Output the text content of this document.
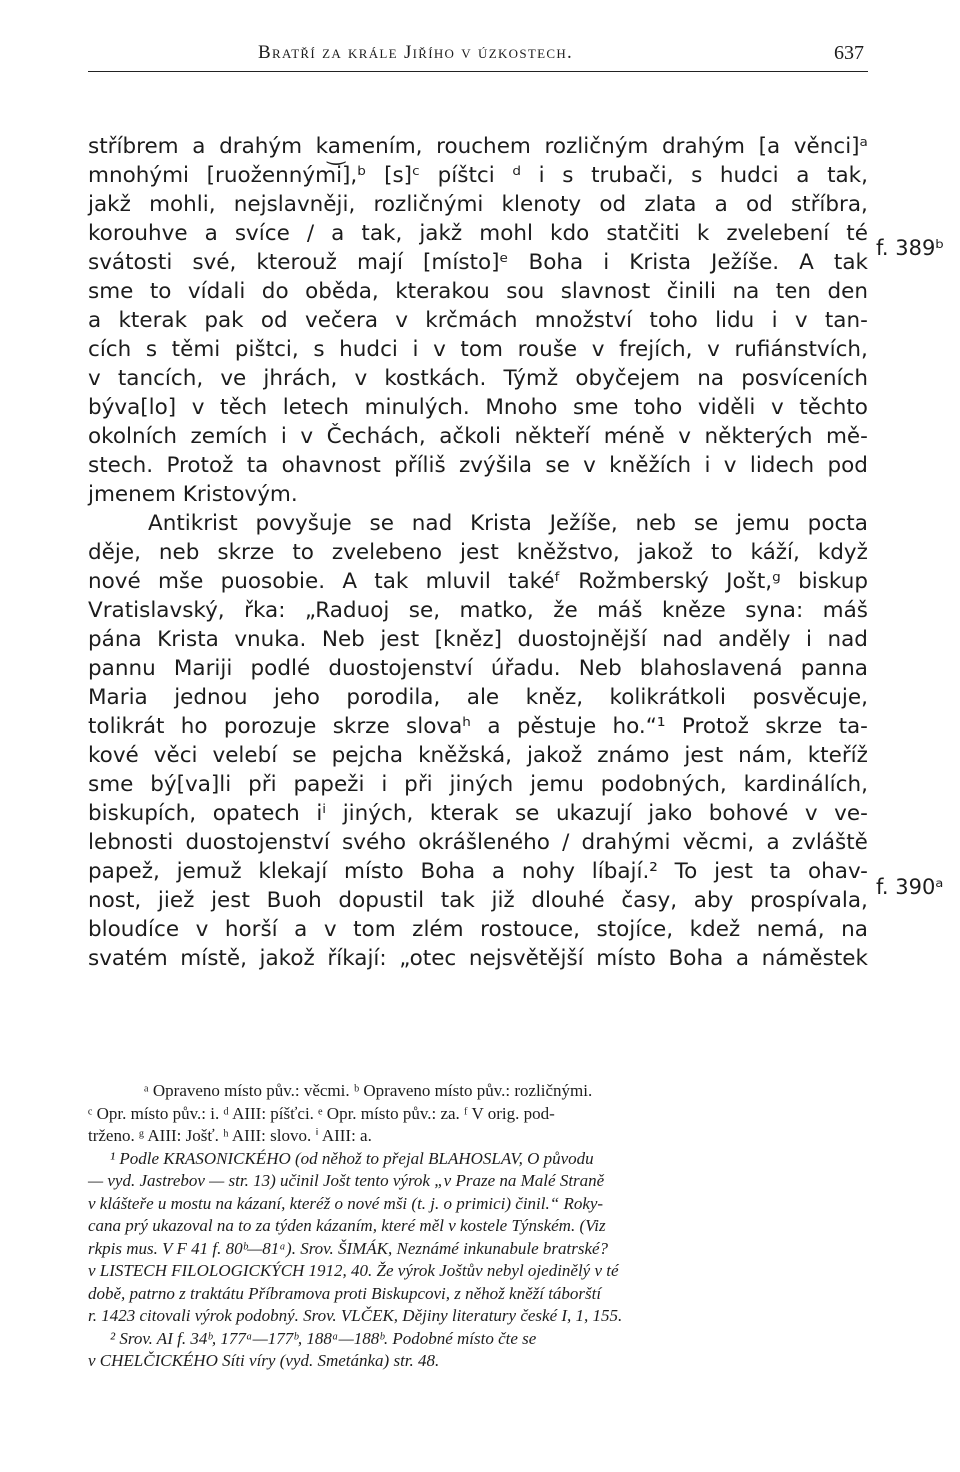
Bratří za krále Jiřího v úzkostech.	637
stříbrem a drahým kamením, rouchem rozličným drahým [a věnci]ᵃ
mnohými [ruoženným͝i],ᵇ [s]ᶜ píštci ᵈ i s trubači, s hudci a tak,
jakž mohli, nejslavněji, rozličnými klenoty od zlata a od stříbra,
korouhve a svíce / a tak, jakž mohl kdo statčiti k zvelebení té
svátosti své, kterouž mají [místo]ᵉ Boha i Krista Ježíše. A tak
sme to vídali do oběda, kterakou sou slavnost činili na ten den
a kterak pak od večera v krčmách množství toho lidu i v tan-
cích s těmi pištci, s hudci i v tom rouše v frejích, v rufiánstvích,
v tancích, ve jhrách, v kostkách. Týmž obyčejem na posvíceních
býva[lo] v těch letech minulých. Mnoho sme toho viděli v těchto
okolních zemích i v Čechách, ačkoli někteří méně v některých mě-
stech. Protož ta ohavnost příliš zvýšila se v kněžích i v lidech pod
jmenem Kristovým.
Antikrist povyšuje se nad Krista Ježíše, neb se jemu pocta
děje, neb skrze to zvelebeno jest kněžstvo, jakož to káží, když
nové mše puosobie. A tak mluvil takéᶠ Rožmberský Jošt,ᵍ biskup
Vratislavský, řka: „Raduoj se, matko, že máš kněze syna: máš
pána Krista vnuka. Neb jest [kněz] duostojnější nad anděly i nad
pannu Mariji podlé duostojenství úřadu. Neb blahoslavená panna
Maria jednou jeho porodila, ale kněz, kolikrátkoli posvěcuje,
tolikrát ho porozuje skrze slovaʰ a pěstuje ho.“¹ Protož skrze ta-
kové věci velebí se pejcha kněžská, jakož známo jest nám, kteříž
sme bý[va]li při papeži i při jiných jemu podobných, kardinálích,
biskupích, opatech iⁱ jiných, kterak se ukazují jako bohové v ve-
lebnosti duostojenství svého okrášleného / drahými věcmi, a zvláště
papež, jemuž klekají místo Boha a nohy líbají.² To jest ta ohav-
nost, jiež jest Buoh dopustil tak již dlouhé časy, aby prospívala,
bloudíce v horší a v tom zlém rostouce, stojíce, kdež nemá, na
svatém místě, jakož říkají: „otec nejsvětější místo Boha a náměstek
f. 389ᵇ
f. 390ᵃ
ᵃ Opraveno místo pův.: věcmi. ᵇ Opraveno místo pův.: rozličnými.
ᶜ Opr. místo pův.: i. ᵈ AIII: píšťci. ᵉ Opr. místo pův.: za. ᶠ V orig. pod-
trženo. ᵍ AIII: Jošť. ʰ AIII: slovo. ⁱ AIII: a.
¹ Podle KRASONICKÉHO (od něhož to přejal BLAHOSLAV, O původu
— vyd. Jastrebov — str. 13) učinil Jošt tento výrok „v Praze na Malé Straně
v klášteře u mostu na kázaní, kteréž o nové mši (t. j. o primici) činil.“ Roky-
cana prý ukazoval na to za týden kázaním, které měl v kostele Týnském. (Viz
rkpis mus. V F 41 f. 80ᵇ—81ᵃ). Srov. ŠIMÁK, Neznámé inkunabule bratrské?
v LISTECH FILOLOGICKÝCH 1912, 40. Že výrok Joštův nebyl ojedinělý v té
době, patrno z traktátu Příbramova proti Biskupcovi, z něhož kněží táborští
r. 1423 citovali výrok podobný. Srov. VLČEK, Dějiny literatury české I, 1, 155.
² Srov. AI f. 34ᵇ, 177ᵃ—177ᵇ, 188ᵃ—188ᵇ. Podobné místo čte se
v CHELČICKÉHO Síti víry (vyd. Smetánka) str. 48.
